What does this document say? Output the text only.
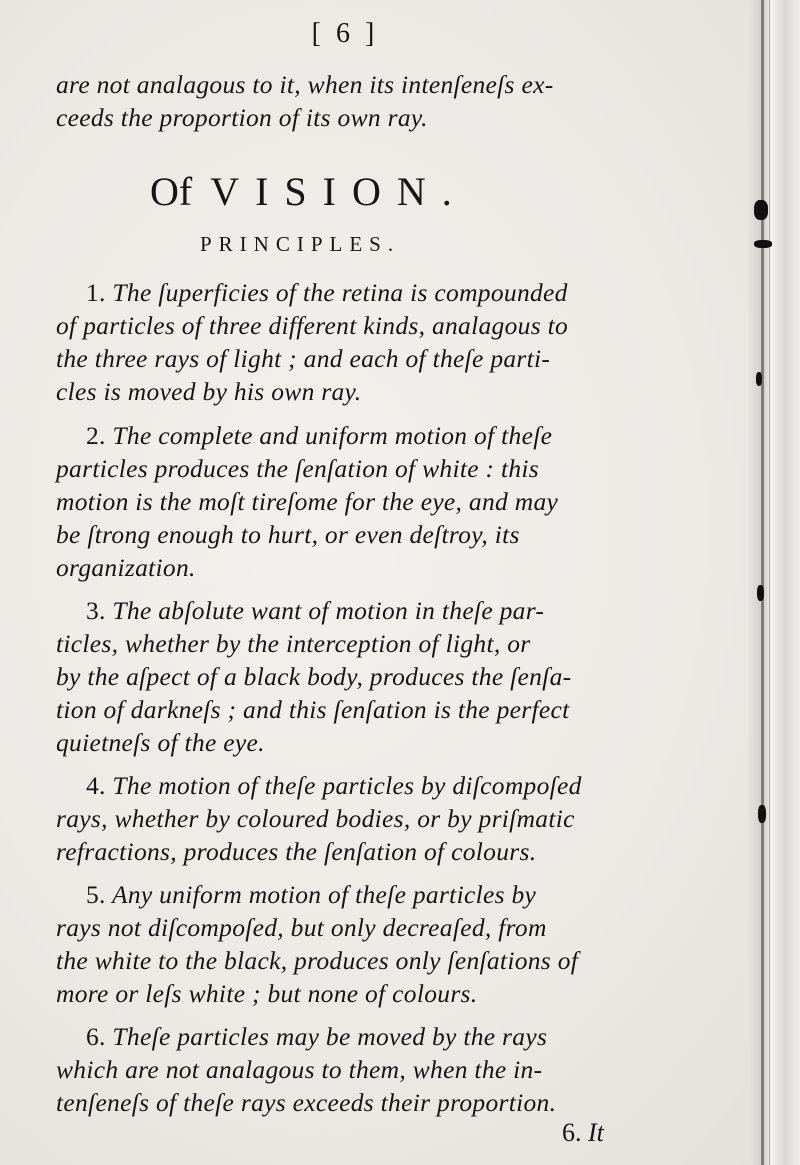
[ 6 ]
are not analagous to it, when its intenſeneſs ex-
ceeds the proportion of its own ray.
Of VISION.
PRINCIPLES.
1. The ſuperficies of the retina is compounded
of particles of three different kinds, analagous to
the three rays of light ; and each of theſe parti-
cles is moved by his own ray.
2. The complete and uniform motion of theſe
particles produces the ſenſation of white : this
motion is the moſt tireſome for the eye, and may
be ſtrong enough to hurt, or even deſtroy, its
organization.
3. The abſolute want of motion in theſe par-
ticles, whether by the interception of light, or
by the aſpect of a black body, produces the ſenſa-
tion of darkneſs ; and this ſenſation is the perfect
quietneſs of the eye.
4. The motion of theſe particles by diſcompoſed
rays, whether by coloured bodies, or by priſmatic
refractions, produces the ſenſation of colours.
5. Any uniform motion of theſe particles by
rays not diſcompoſed, but only decreaſed, from
the white to the black, produces only ſenſations of
more or leſs white ; but none of colours.
6. Theſe particles may be moved by the rays
which are not analagous to them, when the in-
tenſeneſs of theſe rays exceeds their proportion.
6. It
